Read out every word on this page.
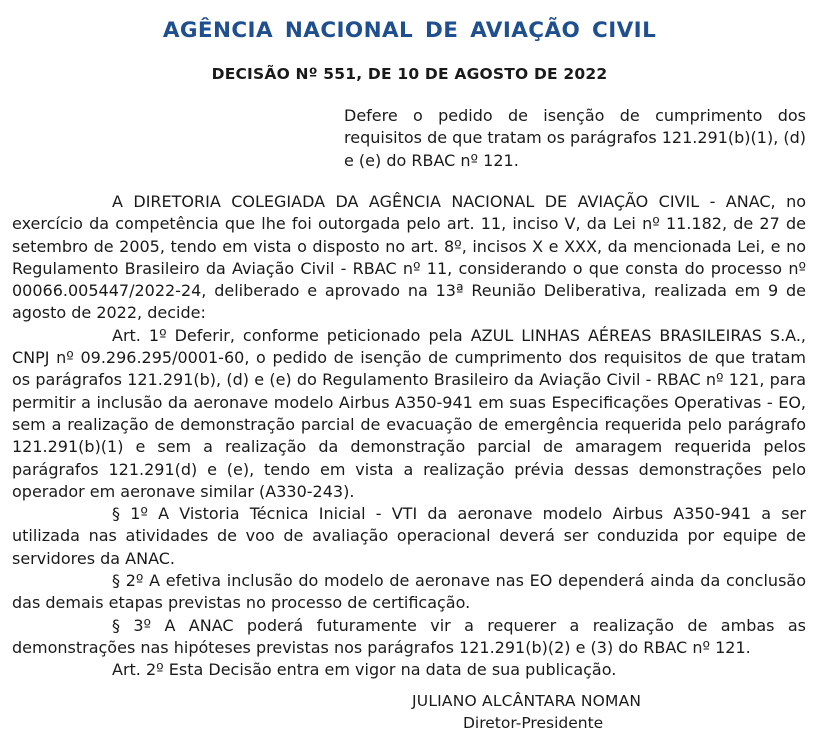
AGÊNCIA NACIONAL DE AVIAÇÃO CIVIL
DECISÃO Nº 551, DE 10 DE AGOSTO DE 2022

Defere o pedido de isenção de cumprimento dos requisitos de que tratam os parágrafos 121.291(b)(1), (d) e (e) do RBAC nº 121.

A DIRETORIA COLEGIADA DA AGÊNCIA NACIONAL DE AVIAÇÃO CIVIL - ANAC, no exercício da competência que lhe foi outorgada pelo art. 11, inciso V, da Lei nº 11.182, de 27 de setembro de 2005, tendo em vista o disposto no art. 8º, incisos X e XXX, da mencionada Lei, e no Regulamento Brasileiro da Aviação Civil - RBAC nº 11, considerando o que consta do processo nº 00066.005447/2022-24, deliberado e aprovado na 13ª Reunião Deliberativa, realizada em 9 de agosto de 2022, decide:

Art. 1º Deferir, conforme peticionado pela AZUL LINHAS AÉREAS BRASILEIRAS S.A., CNPJ nº 09.296.295/0001-60, o pedido de isenção de cumprimento dos requisitos de que tratam os parágrafos 121.291(b), (d) e (e) do Regulamento Brasileiro da Aviação Civil - RBAC nº 121, para permitir a inclusão da aeronave modelo Airbus A350-941 em suas Especificações Operativas - EO, sem a realização de demonstração parcial de evacuação de emergência requerida pelo parágrafo 121.291(b)(1) e sem a realização da demonstração parcial de amaragem requerida pelos parágrafos 121.291(d) e (e), tendo em vista a realização prévia dessas demonstrações pelo operador em aeronave similar (A330-243).

§ 1º A Vistoria Técnica Inicial - VTI da aeronave modelo Airbus A350-941 a ser utilizada nas atividades de voo de avaliação operacional deverá ser conduzida por equipe de servidores da ANAC.

§ 2º A efetiva inclusão do modelo de aeronave nas EO dependerá ainda da conclusão das demais etapas previstas no processo de certificação.

§ 3º A ANAC poderá futuramente vir a requerer a realização de ambas as demonstrações nas hipóteses previstas nos parágrafos 121.291(b)(2) e (3) do RBAC nº 121.

Art. 2º Esta Decisão entra em vigor na data de sua publicação.

JULIANO ALCÂNTARA NOMAN
Diretor-Presidente
